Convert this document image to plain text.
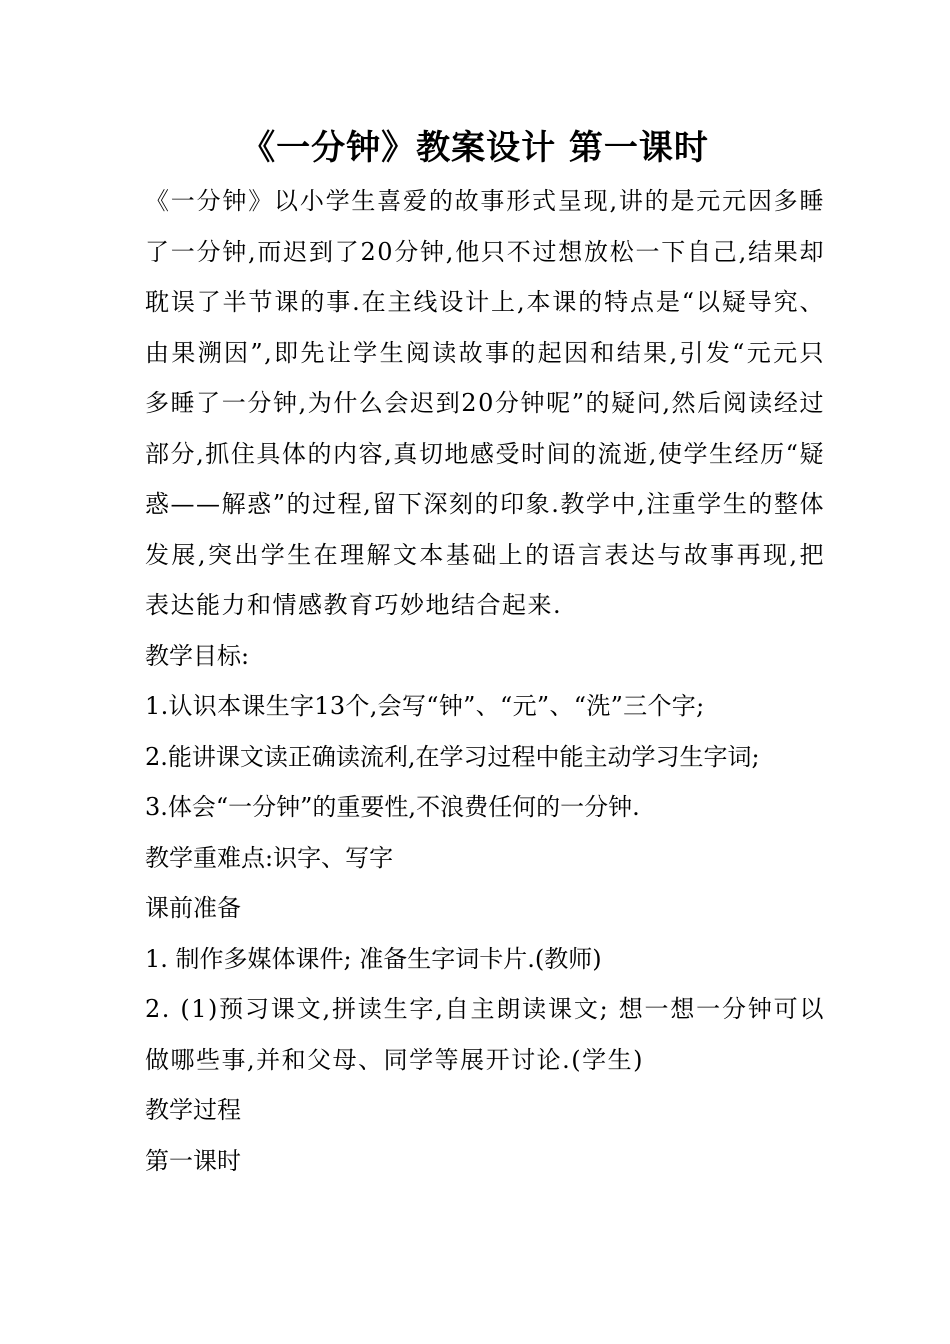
《一分钟》教案设计 第一课时

《一分钟》以小学生喜爱的故事形式呈现,讲的是元元因多睡了一分钟,而迟到了20分钟,他只不过想放松一下自己,结果却耽误了半节课的事.在主线设计上,本课的特点是“以疑导究、由果溯因”,即先让学生阅读故事的起因和结果,引发“元元只多睡了一分钟,为什么会迟到20分钟呢”的疑问,然后阅读经过部分,抓住具体的内容,真切地感受时间的流逝,使学生经历“疑惑——解惑”的过程,留下深刻的印象.教学中,注重学生的整体发展,突出学生在理解文本基础上的语言表达与故事再现,把表达能力和情感教育巧妙地结合起来.

教学目标:

1.认识本课生字13个,会写“钟”、“元”、“洗”三个字;

2.能讲课文读正确读流利,在学习过程中能主动学习生字词;

3.体会“一分钟”的重要性,不浪费任何的一分钟.

教学重难点:识字、写字

课前准备

1. 制作多媒体课件; 准备生字词卡片.(教师)

2. (1)预习课文,拼读生字,自主朗读课文; 想一想一分钟可以做哪些事,并和父母、同学等展开讨论.(学生)

教学过程

第一课时
